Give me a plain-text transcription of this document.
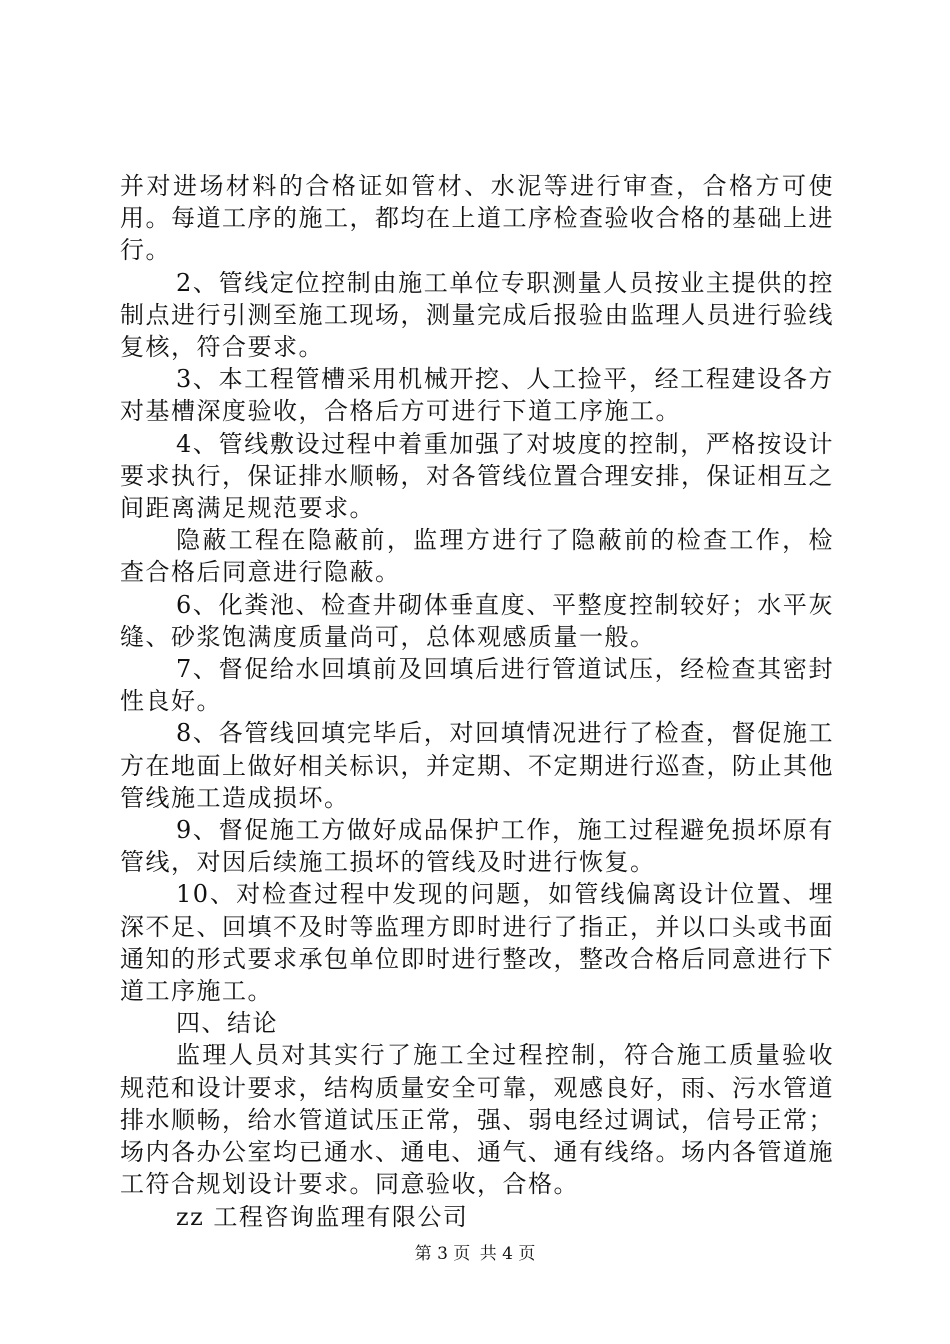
并对进场材料的合格证如管材、水泥等进行审查，合格方可使用。每道工序的施工，都均在上道工序检查验收合格的基础上进行。

2、管线定位控制由施工单位专职测量人员按业主提供的控制点进行引测至施工现场，测量完成后报验由监理人员进行验线复核，符合要求。

3、本工程管槽采用机械开挖、人工捡平，经工程建设各方对基槽深度验收，合格后方可进行下道工序施工。

4、管线敷设过程中着重加强了对坡度的控制，严格按设计要求执行，保证排水顺畅，对各管线位置合理安排，保证相互之间距离满足规范要求。

隐蔽工程在隐蔽前，监理方进行了隐蔽前的检查工作，检查合格后同意进行隐蔽。

6、化粪池、检查井砌体垂直度、平整度控制较好；水平灰缝、砂浆饱满度质量尚可，总体观感质量一般。

7、督促给水回填前及回填后进行管道试压，经检查其密封性良好。

8、各管线回填完毕后，对回填情况进行了检查，督促施工方在地面上做好相关标识，并定期、不定期进行巡查，防止其他管线施工造成损坏。

9、督促施工方做好成品保护工作，施工过程避免损坏原有管线，对因后续施工损坏的管线及时进行恢复。

10、对检查过程中发现的问题，如管线偏离设计位置、埋深不足、回填不及时等监理方即时进行了指正，并以口头或书面通知的形式要求承包单位即时进行整改，整改合格后同意进行下道工序施工。

四、结论

监理人员对其实行了施工全过程控制，符合施工质量验收规范和设计要求，结构质量安全可靠，观感良好，雨、污水管道排水顺畅，给水管道试压正常，强、弱电经过调试，信号正常；场内各办公室均已通水、通电、通气、通有线络。场内各管道施工符合规划设计要求。同意验收，合格。

zz 工程咨询监理有限公司

第 3 页 共 4 页
